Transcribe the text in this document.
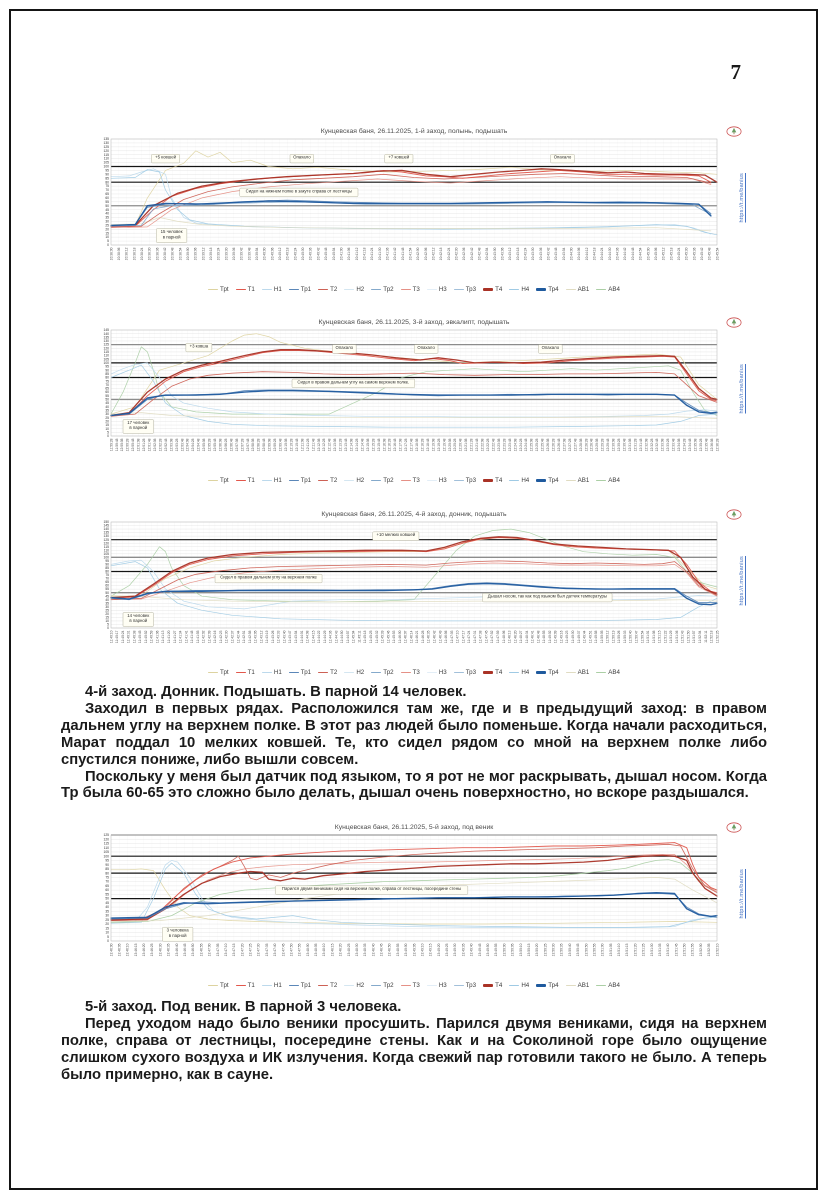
7
Кунцевская баня, 26.11.2025, 1-й заход, полынь, подышать
10:38:00 10:38:06 10:38:12 10:38:18 10:38:24 10:38:30 10:38:36 10:38:42 10:38:48 10:38:54 10:39:00 10:39:06 10:39:12 10:39:18 10:39:24 10:39:30 10:39:36 10:39:42 10:39:48 10:39:54 10:40:00 10:40:06 10:40:12 10:40:18 10:40:24 10:40:30 10:40:36 10:40:42 10:40:48 10:40:54 10:41:00 10:41:06 10:41:12 10:41:18 10:41:24 10:41:30 10:41:36 10:41:42 10:41:48 10:41:54 10:42:00 10:42:06 10:42:12 10:42:18 10:42:24 10:42:30 10:42:36 10:42:42 10:42:48 10:42:54 10:43:00 10:43:06 10:43:12 10:43:18 10:43:24 10:43:30 10:43:36 10:43:42 10:43:48 10:43:54 10:44:00 10:44:06 10:44:12 10:44:18 10:44:24 10:44:30 10:44:36 10:44:42 10:44:48 10:44:54 10:45:00 10:45:06 10:45:12 10:45:18 10:45:24 10:45:30 10:45:36 10:45:42 10:45:48 10:45:54
0
5
10
15
20
25
30
35
40
45
50
55
60
65
70
75
80
85
90
95
100
105
110
115
120
125
130
135
+5 ковшей	Опахало	+7 ковшей	Опахало
Сидел на нижнем полке в закуте справа от лестницы
15 человек
в парной
Трt	T1	H1	Тр1	T2	H2	Тр2	T3	H3	Тр3	T4	H4	Тр4	АВ1	АВ4
https://t.me/banius
Кунцевская баня, 26.11.2025, 3-й заход, эвкалипт, подышать
11:59:28 11:59:48 12:00:08 12:00:28 12:00:48 12:01:08 12:01:28 12:01:48 12:02:08 12:02:28 12:02:48 12:03:08 12:03:28 12:03:48 12:04:08 12:04:28 12:04:48 12:05:08 12:05:28 12:05:48 12:06:08 12:06:28 12:06:48 12:07:08 12:07:28 12:07:48 12:08:08 12:08:28 12:08:48 12:09:08 12:09:28 12:09:48 12:10:08 12:10:28 12:10:48 12:11:08 12:11:28 12:11:48 12:12:08 12:12:28 12:12:48 12:13:08 12:13:28 12:13:48 12:14:08 12:14:28 12:14:48 12:15:08 12:15:28 12:15:48 12:16:08 12:16:28 12:16:48 12:17:08 12:17:28 12:17:48 12:18:08 12:18:28 12:18:48 12:19:08 12:19:28 12:19:48 12:20:08 12:20:28 12:20:48 12:21:08 12:21:28 12:21:48 12:22:08 12:22:28 12:22:48 12:23:08 12:23:28 12:23:48 12:24:08 12:24:28 12:24:48 12:25:08 12:25:28 12:25:48 12:26:08 12:26:28 12:26:48 12:27:08 12:27:28 12:27:48 12:28:08 12:28:28 12:28:48 12:29:08 12:29:28 12:29:48 12:30:08 12:30:28 12:30:48 12:31:08 12:31:28 12:31:48 12:32:08 12:32:28 12:32:48 12:33:08 12:33:28 12:33:48 12:34:08 12:34:28 12:34:48 12:35:08 12:35:28 12:35:48 12:36:08 12:36:28
0
5
10
15
20
25
30
35
40
45
50
55
60
65
70
75
80
85
90
95
100
105
110
115
120
125
130
135
140
145
+3 ковша	Опахало	Опахало	Опахало
Сидел в правом дальнем углу на самом верхнем полке.
17 человек
в парной
Трt	T1	H1	Тр1	T2	H2	Тр2	T3	H3	Тр3	T4	H4	Тр4	АВ1	АВ4
https://t.me/banius
Кунцевская баня, 26.11.2025, 4-й заход, донник, подышать
11:40:10 11:40:17 11:40:24 11:40:31 11:40:38 11:40:45 11:40:52 11:40:59 11:41:06 11:41:13 11:41:20 11:41:27 11:41:34 11:41:41 11:41:48 11:41:55 11:42:02 11:42:09 11:42:16 11:42:23 11:42:30 11:42:37 11:42:44 11:42:51 11:42:58 11:43:05 11:43:12 11:43:19 11:43:26 11:43:33 11:43:40 11:43:47 11:43:54 11:44:01 11:44:08 11:44:15 11:44:22 11:44:29 11:44:36 11:44:43 11:44:50 11:44:57 11:45:04 11:45:11 11:45:18 11:45:25 11:45:32 11:45:39 11:45:46 11:45:53 11:46:00 11:46:07 11:46:14 11:46:21 11:46:28 11:46:35 11:46:42 11:46:49 11:46:56 11:47:03 11:47:10 11:47:17 11:47:24 11:47:31 11:47:38 11:47:45 11:47:52 11:47:59 11:48:06 11:48:13 11:48:20 11:48:27 11:48:34 11:48:41 11:48:48 11:48:55 11:49:02 11:49:09 11:49:16 11:49:23 11:49:30 11:49:37 11:49:44 11:49:51 11:49:58 11:50:05 11:50:12 11:50:19 11:50:26 11:50:33 11:50:40 11:50:47 11:50:54 11:51:01 11:51:08 11:51:15 11:51:22 11:51:29 11:51:36 11:51:43 11:51:50 11:51:57 11:52:04 11:52:11 11:52:18 11:52:25
0
5
10
15
20
25
30
35
40
45
50
55
60
65
70
75
80
85
90
95
100
105
110
115
120
125
130
135
140
145
150
+10 мелких ковшей
Сидел в правом дальнем углу на верхнем полке
Дышал носом, так как под языком был датчик температуры
14 человек
в парной
Трt	T1	H1	Тр1	T2	H2	Тр2	T3	H3	Тр3	T4	H4	Тр4	АВ1	АВ4
https://t.me/banius

4-й заход. Донник. Подышать. В парной 14 человек.

Заходил в первых рядах. Расположился там же, где и в предыдущий заход: в правом дальнем углу на верхнем полке. В этот раз людей было поменьше. Когда начали расходиться, Марат поддал 10 мелких ковшей. Те, кто сидел рядом со мной на верхнем полке либо спустился пониже, либо вышли совсем.

Поскольку у меня был датчик под языком, то я рот не мог раскрывать, дышал носом. Когда Тр была 60-65 это сложно было делать, дышал очень поверхностно, но вскоре раздышался.

Кунцевская баня, 26.11.2025, 5-й заход, под веник
13:46:00 13:46:05 13:46:10 13:46:15 13:46:20 13:46:25 13:46:30 13:46:35 13:46:40 13:46:45 13:46:50 13:46:55 13:47:00 13:47:05 13:47:10 13:47:15 13:47:20 13:47:25 13:47:30 13:47:35 13:47:40 13:47:45 13:47:50 13:47:55 13:48:00 13:48:05 13:48:10 13:48:15 13:48:20 13:48:25 13:48:30 13:48:35 13:48:40 13:48:45 13:48:50 13:48:55 13:49:00 13:49:05 13:49:10 13:49:15 13:49:20 13:49:25 13:49:30 13:49:35 13:49:40 13:49:45 13:49:50 13:49:55 13:50:00 13:50:05 13:50:10 13:50:15 13:50:20 13:50:25 13:50:30 13:50:35 13:50:40 13:50:45 13:50:50 13:50:55 13:51:00 13:51:05 13:51:10 13:51:15 13:51:20 13:51:25 13:51:30 13:51:35 13:51:40 13:51:45 13:51:50 13:51:55 13:52:00 13:52:05 13:52:10
0
5
10
15
20
25
30
35
40
45
50
55
60
65
70
75
80
85
90
95
100
105
110
115
120
125
Парился двумя вениками сидя на верхнем полке, справа от лестницы, посередине стены
3 человека
в парной
Трt	T1	H1	Тр1	T2	H2	Тр2	T3	H3	Тр3	T4	H4	Тр4	АВ1	АВ4
https://t.me/banius

5-й заход. Под веник. В парной 3 человека.

Перед уходом надо было веники просушить. Парился двумя вениками, сидя на верхнем полке, справа от лестницы, посередине стены. Как и на Соколиной горе было ощущение слишком сухого воздуха и ИК излучения. Когда свежий пар готовили такого не было. А теперь было примерно, как в сауне.
